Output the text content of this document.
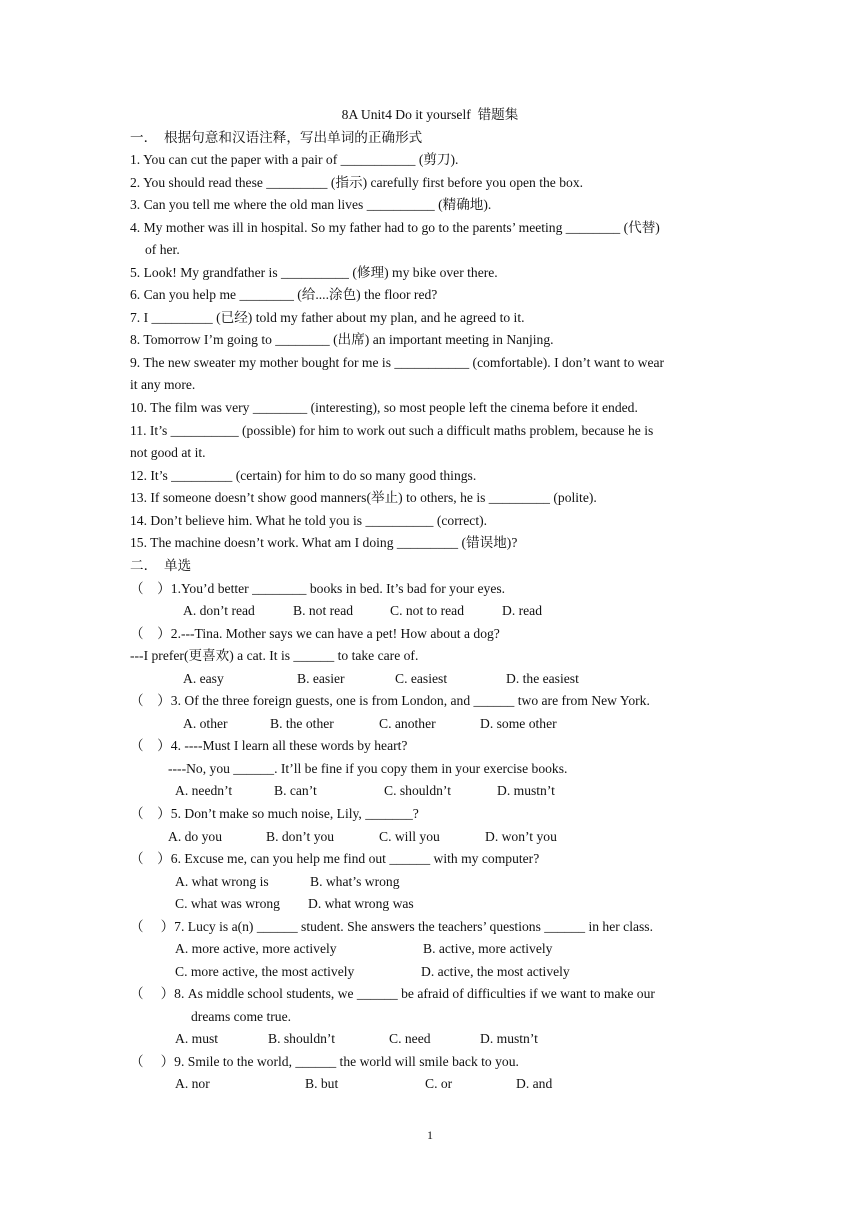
8A Unit4 Do it yourself  错题集
一．  根据句意和汉语注释，写出单词的正确形式
1. You can cut the paper with a pair of ___________ (剪刀).
2. You should read these _________ (指示) carefully first before you open the box.
3. Can you tell me where the old man lives __________ (精确地).
4. My mother was ill in hospital. So my father had to go to the parents’ meeting ________ (代替)
of her.
5. Look! My grandfather is __________ (修理) my bike over there.
6. Can you help me ________ (给....涂色) the floor red?
7. I _________ (已经) told my father about my plan, and he agreed to it.
8. Tomorrow I’m going to ________ (出席) an important meeting in Nanjing.
9. The new sweater my mother bought for me is ___________ (comfortable). I don’t want to wear
it any more.
10. The film was very ________ (interesting), so most people left the cinema before it ended.
11. It’s __________ (possible) for him to work out such a difficult maths problem, because he is
not good at it.
12. It’s _________ (certain) for him to do so many good things.
13. If someone doesn’t show good manners(举止) to others, he is _________ (polite).
14. Don’t believe him. What he told you is __________ (correct).
15. The machine doesn’t work. What am I doing _________ (错误地)?
二．  单选
（    ）1.You’d better ________ books in bed. It’s bad for your eyes.

A. don’t read

	B. not read

	C. not to read

	D. read

（    ）2.---Tina. Mother says we can have a pet! How about a dog?
---I prefer(更喜欢) a cat. It is ______ to take care of.

A. easy

	B. easier

	C. easiest

	D. the easiest

（    ）3. Of the three foreign guests, one is from London, and ______ two are from New York.

A. other

	B. the other

	C. another

	D. some other

（    ）4. ----Must I learn all these words by heart?
----No, you ______. It’ll be fine if you copy them in your exercise books.

A. needn’t

	B. can’t

	C. shouldn’t

	D. mustn’t

（    ）5. Don’t make so much noise, Lily, _______?

A. do you

	B. don’t you

	C. will you

	D. won’t you

（    ）6. Excuse me, can you help me find out ______ with my computer?

A. what wrong is

	B. what’s wrong

C. what was wrong

D. what wrong was

（     ）7. Lucy is a(n) ______ student. She answers the teachers’ questions ______ in her class.

A. more active, more actively

	B. active, more actively

C. more active, the most actively

	D. active, the most actively

（     ）8. As middle school students, we ______ be afraid of difficulties if we want to make our
dreams come true.

A. must

	B. shouldn’t

	C. need

	D. mustn’t

（     ）9. Smile to the world, ______ the world will smile back to you.

A. nor

	B. but

	C. or

	D. and

1
